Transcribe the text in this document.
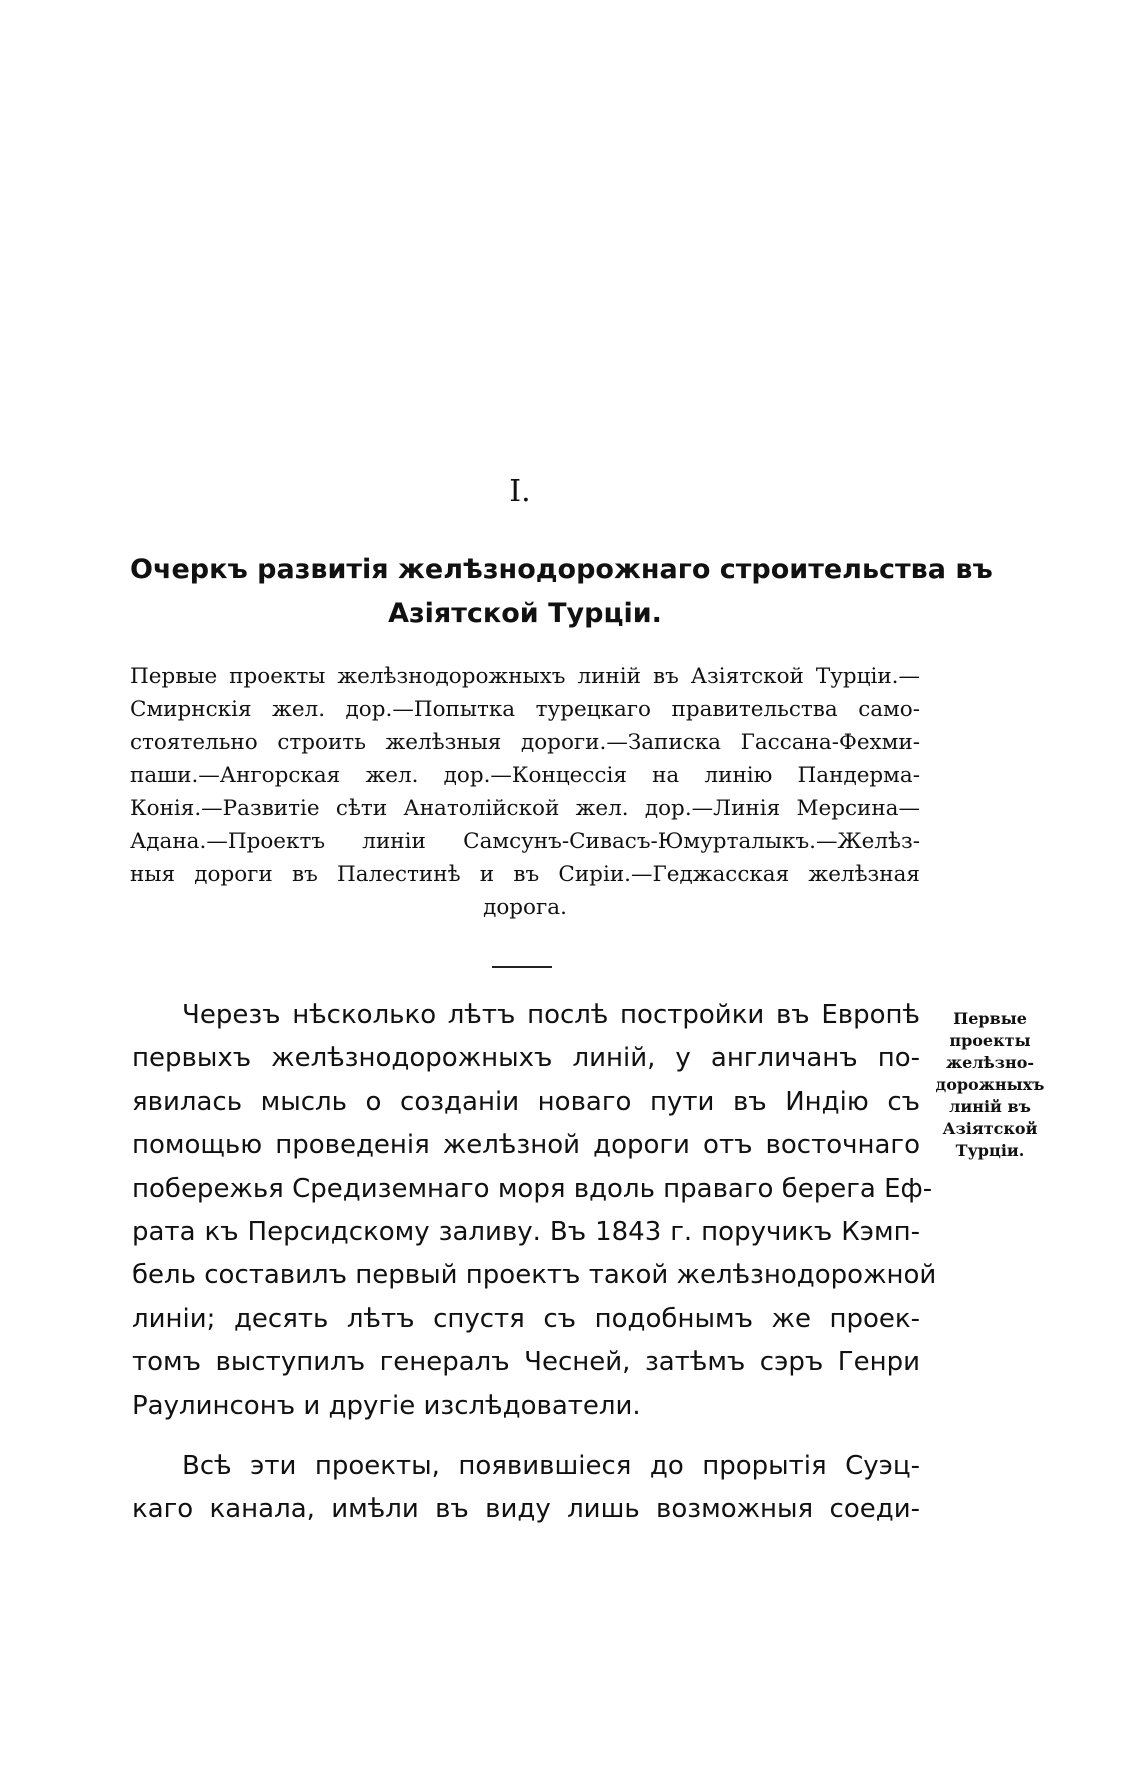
I.
Очеркъ развитія желѣзнодорожнаго строительства въ
Азіятской Турціи.
Первые проекты желѣзнодорожныхъ линій въ Азіятской Турціи.—
Смирнскія жел. дор.—Попытка турецкаго правительства само-
стоятельно строить желѣзныя дороги.—Записка Гассана-Фехми-
паши.—Ангорская жел. дор.—Концессія на линію Пандерма-
Конія.—Развитіе сѣти Анатолійской жел. дор.—Линія Мерсина—
Адана.—Проектъ линіи Самсунъ-Сивасъ-Юмурталыкъ.—Желѣз-
ныя дороги въ Палестинѣ и въ Сиріи.—Геджасская желѣзная
дорога.
Черезъ нѣсколько лѣтъ послѣ постройки въ Европѣ
первыхъ желѣзнодорожныхъ линій, у англичанъ по-
явилась мысль о созданіи новаго пути въ Индію съ
помощью проведенія желѣзной дороги отъ восточнаго
побережья Средиземнаго моря вдоль праваго берега Еф-
рата къ Персидскому заливу. Въ 1843 г. поручикъ Кэмп-
бель составилъ первый проектъ такой желѣзнодорожной
линіи; десять лѣтъ спустя съ подобнымъ же проек-
томъ выступилъ генералъ Чесней, затѣмъ сэръ Генри
Раулинсонъ и другіе изслѣдователи.
Всѣ эти проекты, появившіеся до прорытія Суэц-
каго канала, имѣли въ виду лишь возможныя соеди-
Первые
проекты
желѣзно-
дорожныхъ
линій въ
Азіятской
Турціи.
